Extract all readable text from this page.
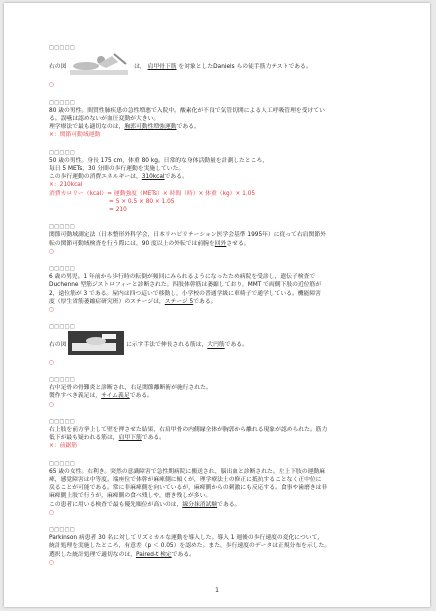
□□□□□
右の図	は， 肩甲骨下筋 を対象としたDaniels らの徒手筋力テストである。
○
□□□□□
80 歳の男性。間質性肺疾患の急性増悪で入院中。酸素化が不良で気管切開による人工呼吸管理を受けてい
る。誤嚥は認めないが血圧変動が大きい。
理学療法で最も適切なのは，胸郭可動性増強運動である。
×：関節可動域運動
□□□□□
50 歳の男性。身長 175 cm，体重 80 kg。日常的な身体活動量を計測したところ，
毎日 5 METs，30 分間の歩行運動を実施していた。
この歩行運動の消費エネルギーは，310kcalである。
×：210kcal
消費カロリー（kcal）= 運動強度（METs）× 時間（時）× 体重（kg）× 1.05
= 5 × 0.5 × 80 × 1.05
= 210
□□□□□
関節可動域測定法（日本整形外科学会，日本リハビリテーション医学会基準 1995年）に従って右肩関節外
転の関節可動域検査を行う際には，90 度以上の外転では前腕を回外させる。
○
□□□□□
6 歳の男児。1 年前から歩行時の転倒が頻回にみられるようになったため病院を受診し，遺伝子検査で
Duchenne 型筋ジストロフィーと診断された。四肢体幹筋は萎縮しており，MMT で両側下肢の近位筋が
2，遠位筋が 3 である。屋内は四つ這いで移動し，小学校の普通学級に車椅子で通学している。機能障害
度（厚生省筋萎縮症研究班）のステージは，ステージ 5である。
○
□□□□□
右の図	に示す手法で伸長される筋は，大円筋である。
○
□□□□□
右中足骨の骨難炎と診断され，右足関節離断術が施行された。
製作すべき義足は，サイム義足である。
○
□□□□□
右上肢を前方挙上して壁を押させた結果，右肩甲骨の内側縁全体が胸郭から離れる現象が認められた。筋力
低下が最も疑われる筋は，肩甲下筋である。
×：前鋸筋
□□□□□
65 歳の女性。右利き。突然の意識障害で急性期病院に搬送され，脳出血と診断された。左上下肢の運動麻
痺，感覚障害は中等度。端座位で体幹が麻痺側に傾くが，理学療法士の修正に抵抗することなく正中位に
戻ることが可能である。常に非麻痺側を向いているが，麻痺側からの刺激にも反応する。食事や歯磨きは非
麻痺側上肢で行うが，麻痺側の食べ残しや，磨き残しが多い。
この患者に用いる検査で最も優先順位が高いのは，線分抹消試験である。
○
□□□□□
Parkinson 病患者 30 名に対してリズミカルな運動を導入した。導入 1 週後の歩行速度の変化について，
統計処理を実施したところ，有意差（p ＜ 0.05）を認めた。また，歩行速度のデータは正規分布を示した。
選択した統計処理で適切なのは，Paired-t 検定である。
○
1
